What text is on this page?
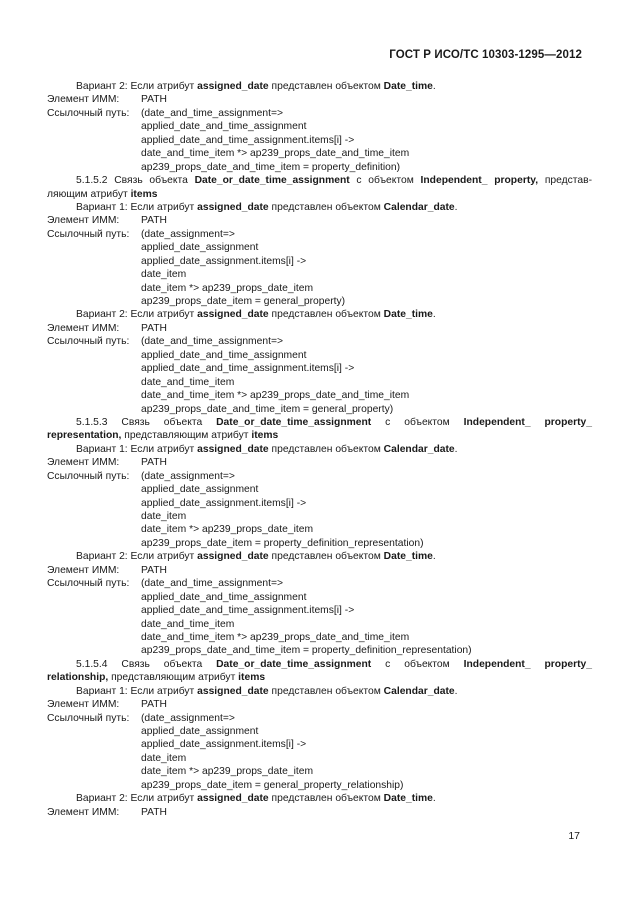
ГОСТ Р ИСО/ТС 10303-1295—2012
Вариант 2: Если атрибут assigned_date представлен объектом Date_time.
Элемент ИММ: PATH
Ссылочный путь: (date_and_time_assignment=>
applied_date_and_time_assignment
applied_date_and_time_assignment.items[i] ->
date_and_time_item *> ap239_props_date_and_time_item
ap239_props_date_and_time_item = property_definition)
5.1.5.2 Связь объекта Date_or_date_time_assignment с объектом Independent_ property, представ-
ляющим атрибут items
Вариант 1: Если атрибут assigned_date представлен объектом Calendar_date.
Элемент ИММ: PATH
Ссылочный путь: (date_assignment=>
applied_date_assignment
applied_date_assignment.items[i] ->
date_item
date_item *> ap239_props_date_item
ap239_props_date_item = general_property)
Вариант 2: Если атрибут assigned_date представлен объектом Date_time.
Элемент ИММ: PATH
Ссылочный путь: (date_and_time_assignment=>
applied_date_and_time_assignment
applied_date_and_time_assignment.items[i] ->
date_and_time_item
date_and_time_item *> ap239_props_date_and_time_item
ap239_props_date_and_time_item = general_property)
5.1.5.3 Связь объекта Date_or_date_time_assignment с объектом Independent_ property_
representation, представляющим атрибут items
Вариант 1: Если атрибут assigned_date представлен объектом Calendar_date.
Элемент ИММ: PATH
Ссылочный путь: (date_assignment=>
applied_date_assignment
applied_date_assignment.items[i] ->
date_item
date_item *> ap239_props_date_item
ap239_props_date_item = property_definition_representation)
Вариант 2: Если атрибут assigned_date представлен объектом Date_time.
Элемент ИММ: PATH
Ссылочный путь: (date_and_time_assignment=>
applied_date_and_time_assignment
applied_date_and_time_assignment.items[i] ->
date_and_time_item
date_and_time_item *> ap239_props_date_and_time_item
ap239_props_date_and_time_item = property_definition_representation)
5.1.5.4 Связь объекта Date_or_date_time_assignment с объектом Independent_ property_
relationship, представляющим атрибут items
Вариант 1: Если атрибут assigned_date представлен объектом Calendar_date.
Элемент ИММ: PATH
Ссылочный путь: (date_assignment=>
applied_date_assignment
applied_date_assignment.items[i] ->
date_item
date_item *> ap239_props_date_item
ap239_props_date_item = general_property_relationship)
Вариант 2: Если атрибут assigned_date представлен объектом Date_time.
Элемент ИММ: PATH
17
